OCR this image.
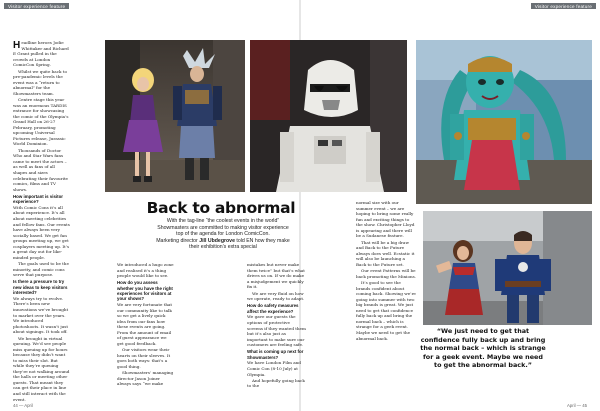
Visitor experience feature	Visitor experience feature

Headline heroes Jodie Whittaker and Richard E Grant pulled in the crowds at London ComicCon Spring.

Whilst we quite back to pre-pandemic levels the event was a “return to abnormal” for the Showmasters team.

Centre stage this year was an enormous TARDIS entrance for showcasing the comic of the Olympia’s Grand Hall on 26-27 February, promoting upcoming Universal Pictures release, Jurassic World Dominion.

Thousands of Doctor Who and Star Wars fans came to meet the actors – as well as fans of all shapes and sizes celebrating their favourite comics, films and TV shows.

How important is visitor experience?

With Comic Cons it’s all about experience. It’s all about meeting celebrities and fellow fans. Our events have always been very socially based. We get fan groups meeting up, we get cosplayers meeting up. It’s a great day out for like-minded people.

The goals used to be the minority, and comic cons serve that purpose.

Is there a pressure to try new ideas to keep visitors interested?

We always try to evolve. There’s been new innovations we’ve brought to market over the years. We introduced photoshoots. It wasn’t just about signings. It took off.

We brought in virtual queuing. We’d see people miss queuing up for hours because they didn’t want to miss their slot. But while they’re queuing they’re not walking around the halls or meeting other guests. That meant they can get their place in line and still interact with the event.

Back to abnormal
With the tag-line “the coolest events in the world”
Showmasters are committed to making visitor experience
top of the agenda for London ComicCon.
Marketing director Jill Ubdegrove told EN how they make
their exhibition’s extra special

We introduced a hugo zone and realised it’s a thing people would like to see.

How do you assess whether you have the right experiences for visitors at your shows?

We are very fortunate that our community like to talk so we get a lively quick idea from our fans how these events are going. From the amount of email of guest appearance we get good feedback.

Our visitors wear their hearts on their sleeves. It goes both ways: that’s a good thing.

Showmasters’ managing director Jason Joiner always says “we make

mistakes but never make them twice” but that’s what drives us on. If we do make a misjudgement we quickly fix it.

We are very fluid on how we operate, ready to adapt.

How do safety measures affect the experience?

We gave our guests the options of protective screens if they wanted them but it’s also just as important to make sure our customers are feeling safe.

What is coming up next for Showmasters?

We have London Film and Comic Con (8-10 July) at Olympia.

And hopefully going back to the

normal size with our summer event – we are hoping to bring some really fun and exciting things to the show. Christopher Lloyd is appearing and there will be a Sudanese feature.

That will be a big draw and Back to the Future always does well. Ecstatic it will also be launching a Back to the Future set.

Our event Patterns will be back promoting the Minions.

It’s good to see the brands confident about coming back. Showing we’re going into summer with two big brands is great. We just need to get that confidence fully back up and bring the normal back – which is strange for a geek event. Maybe we need to get the abnormal back.

“We just need to get that confidence fully back up and bring the normal back – which is strange for a geek event. Maybe we need to get the abnormal back.”
44 — April	April — 45
